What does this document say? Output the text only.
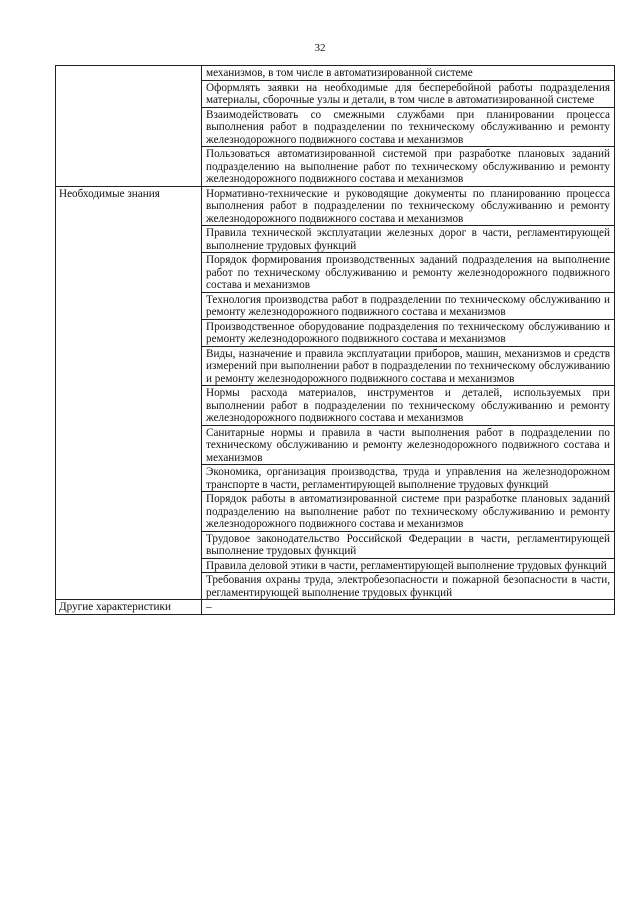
32
	механизмов, в том числе в автоматизированной системе
	Оформлять заявки на необходимые для бесперебойной работы подразделения материалы, сборочные узлы и детали, в том числе в автоматизированной системе
	Взаимодействовать со смежными службами при планировании процесса выполнения работ в подразделении по техническому обслуживанию и ремонту железнодорожного подвижного состава и механизмов
	Пользоваться автоматизированной системой при разработке плановых заданий подразделению на выполнение работ по техническому обслуживанию и ремонту железнодорожного подвижного состава и механизмов
Необходимые знания	Нормативно-технические и руководящие документы по планированию процесса выполнения работ в подразделении по техническому обслуживанию и ремонту железнодорожного подвижного состава и механизмов
	Правила технической эксплуатации железных дорог в части, регламентирующей выполнение трудовых функций
	Порядок формирования производственных заданий подразделения на выполнение работ по техническому обслуживанию и ремонту железнодорожного подвижного состава и механизмов
	Технология производства работ в подразделении по техническому обслуживанию и ремонту железнодорожного подвижного состава и механизмов
	Производственное оборудование подразделения по техническому обслуживанию и ремонту железнодорожного подвижного состава и механизмов
	Виды, назначение и правила эксплуатации приборов, машин, механизмов и средств измерений при выполнении работ в подразделении по техническому обслуживанию и ремонту железнодорожного подвижного состава и механизмов
	Нормы расхода материалов, инструментов и деталей, используемых при выполнении работ в подразделении по техническому обслуживанию и ремонту железнодорожного подвижного состава и механизмов
	Санитарные нормы и правила в части выполнения работ в подразделении по техническому обслуживанию и ремонту железнодорожного подвижного состава и механизмов
	Экономика, организация производства, труда и управления на железнодорожном транспорте в части, регламентирующей выполнение трудовых функций
	Порядок работы в автоматизированной системе при разработке плановых заданий подразделению на выполнение работ по техническому обслуживанию и ремонту железнодорожного подвижного состава и механизмов
	Трудовое законодательство Российской Федерации в части, регламентирующей выполнение трудовых функций
	Правила деловой этики в части, регламентирующей выполнение трудовых функций
	Требования охраны труда, электробезопасности и пожарной безопасности в части, регламентирующей выполнение трудовых функций
Другие характеристики	–
